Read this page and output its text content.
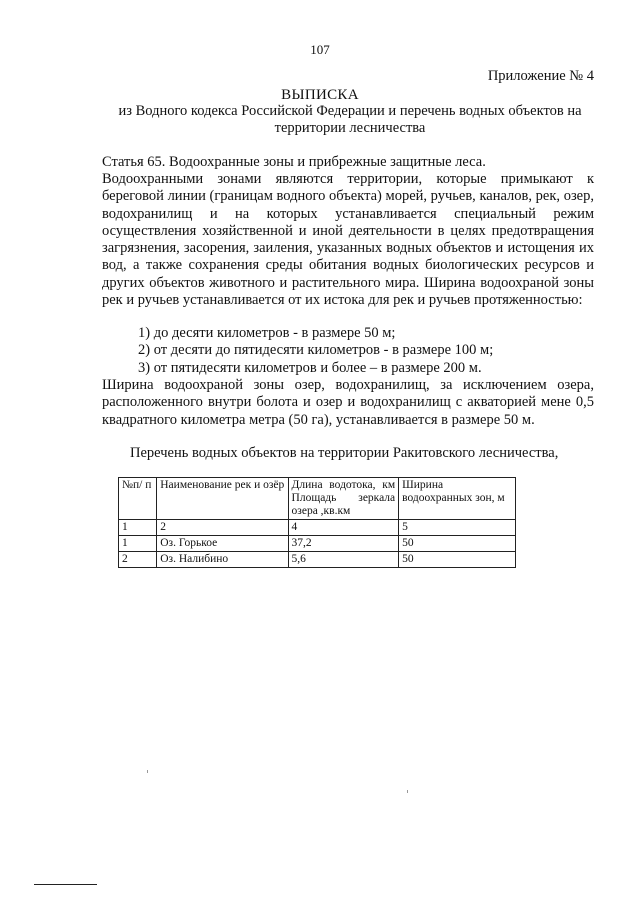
107
Приложение № 4
ВЫПИСКА
из Водного кодекса Российской Федерации и перечень водных объектов на территории лесничества
Статья 65. Водоохранные зоны и прибрежные защитные леса.
Водоохранными зонами являются территории, которые примыкают к береговой линии (границам водного объекта) морей, ручьев, каналов, рек, озер, водохранилищ и на которых устанавливается специальный режим осуществления хозяйственной и иной деятельности в целях предотвращения загрязнения, засорения, заиления, указанных водных объектов и истощения их вод, а также сохранения среды обитания водных биологических ресурсов и других объектов животного и растительного мира. Ширина водоохраной зоны рек и ручьев устанавливается от их истока для рек и ручьев протяженностью:
1) до десяти километров - в размере 50 м;
2) от десяти до пятидесяти километров - в размере 100 м;
3) от пятидесяти километров и более – в размере 200 м.
Ширина водоохраной зоны озер, водохранилищ, за исключением озера, расположенного внутри болота и озер и водохранилищ с акваторией мене 0,5 квадратного километра метра (50 га), устанавливается в размере 50 м.
Перечень водных объектов на территории Ракитовского лесничества,
№п/ п	Наименование рек и озёр	Длина водотока, км Площадь зеркала озера ,кв.км	Ширина водоохранных зон, м
1	2	4	5
1	Оз. Горькое	37,2	50
2	Оз. Налибино	5,6	50
